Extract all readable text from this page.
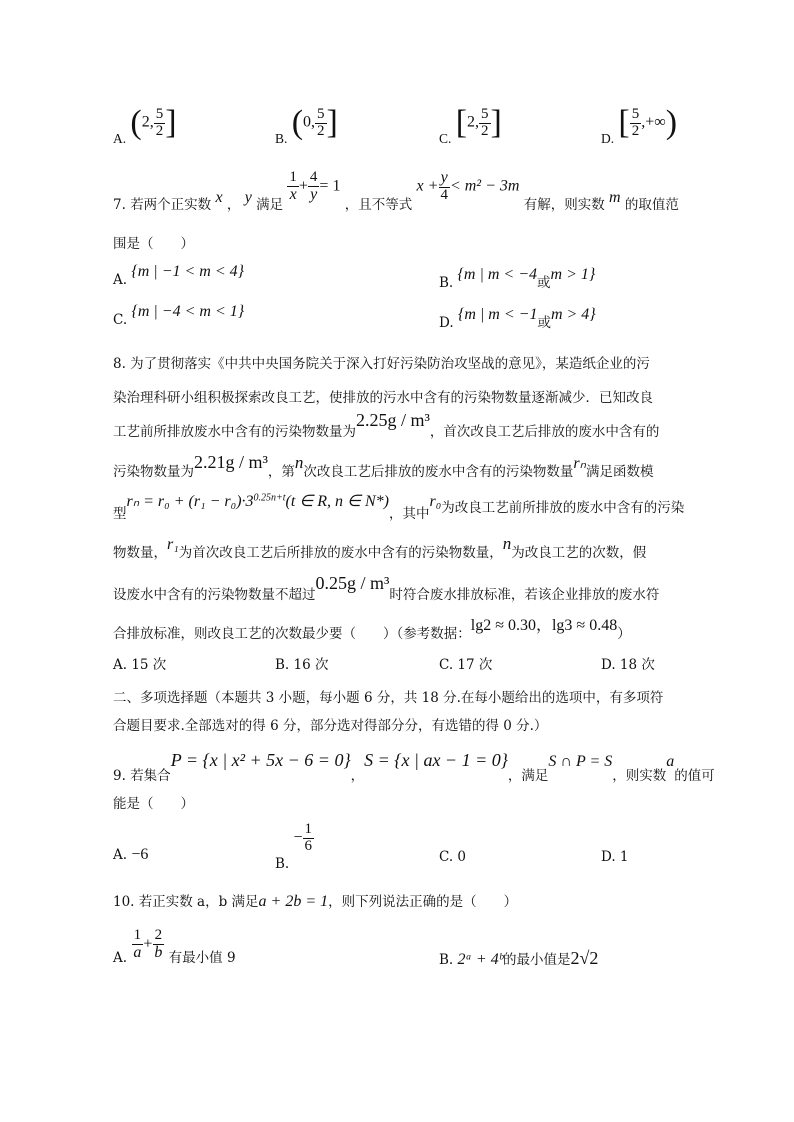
A. (2, $\frac{5}{2}$ ]	B. (0, $\frac{5}{2}$ ]	C. [2, $\frac{5}{2}$ ]	D. [ $\frac{5}{2}$ ,+∞)
7. 若两个正实数 x ， y 满足
$\frac{1}{x} + \frac{4}{y} = 1$ ，且不等式 $x + \frac{y}{4} < m^2 - 3m$ 有解，则实数 m 的取值范
围是（　　）
A. {m | −1 < m < 4}
B. {m | m < −4或m > 1}
C. {m | −4 < m < 1}
D. {m | m < −1或m > 4}
8. 为了贯彻落实《中共中央国务院关于深入打好污染防治攻坚战的意见》，某造纸企业的污
染治理科研小组积极探索改良工艺，使排放的污水中含有的污染物数量逐渐减少．已知改良
工艺前所排放废水中含有的污染物数量为2.25g / m³，首次改良工艺后排放的废水中含有的
污染物数量为2.21g / m³，第n次改良工艺后排放的废水中含有的污染物数量rₙ满足函数模
型$r_n = r_0 + (r_1 - r_0)\cdot 3^{0.25n+t}(t$ ∈ R, n ∈ N*)，其中r₀为改良工艺前所排放的废水中含有的污染
物数量，r₁为首次改良工艺后所排放的废水中含有的污染物数量，n为改良工艺的次数，假
设废水中含有的污染物数量不超过0.25g / m³时符合废水排放标准，若该企业排放的废水符
合排放标准，则改良工艺的次数最少要（　　）（参考数据：lg2 ≈ 0.30，lg3 ≈ 0.48）
A. 15 次	B. 16 次	C. 17 次	D. 18 次
二、多项选择题（本题共 3 小题，每小题 6 分，共 18 分.在每小题给出的选项中，有多项符
合题目要求.全部选对的得 6 分，部分选对得部分分，有选错的得 0 分.）
9. 若集合P = {x | x² + 5x − 6 = 0}，S = {x | ax − 1 = 0}，满足S ∩ P = S，则实数a的值可
能是（　　）
A. −6
B. − $\frac{1}{6}$
C. 0	D. 1
10. 若正实数 a，b 满足a + 2b = 1，则下列说法正确的是（　　）
A. $\frac{1}{a} + \frac{2}{b}$ 有最小值 9	B. 2ᵃ + 4ᵇ的最小值是2√2
